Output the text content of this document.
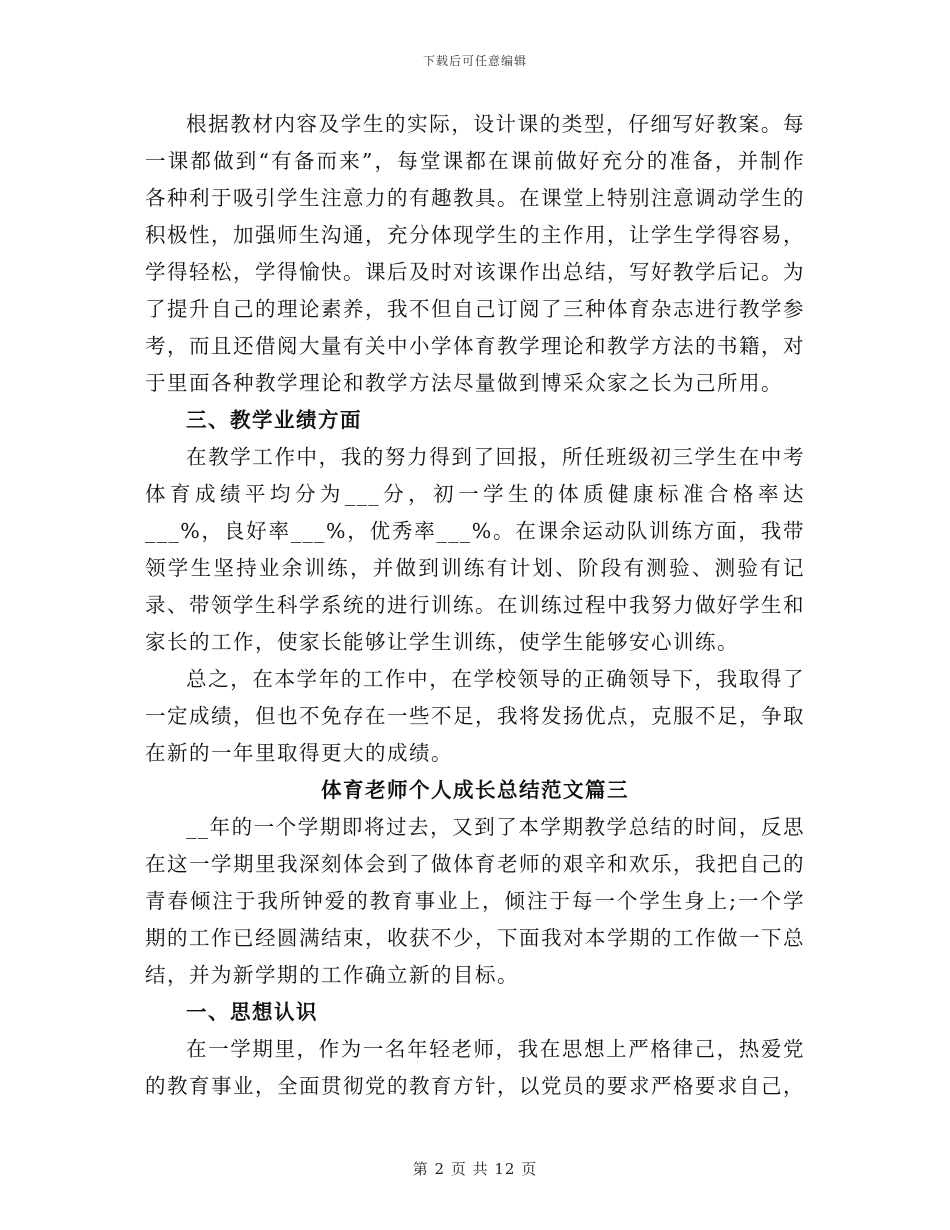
下载后可任意编辑

根据教材内容及学生的实际，设计课的类型，仔细写好教案。每一课都做到“有备而来”，每堂课都在课前做好充分的准备，并制作各种利于吸引学生注意力的有趣教具。在课堂上特别注意调动学生的积极性，加强师生沟通，充分体现学生的主作用，让学生学得容易，学得轻松，学得愉快。课后及时对该课作出总结，写好教学后记。为了提升自己的理论素养，我不但自己订阅了三种体育杂志进行教学参考，而且还借阅大量有关中小学体育教学理论和教学方法的书籍，对于里面各种教学理论和教学方法尽量做到博采众家之长为己所用。

三、教学业绩方面

在教学工作中，我的努力得到了回报，所任班级初三学生在中考体育成绩平均分为___分，初一学生的体质健康标准合格率达___%，良好率___%，优秀率___%。在课余运动队训练方面，我带领学生坚持业余训练，并做到训练有计划、阶段有测验、测验有记录、带领学生科学系统的进行训练。在训练过程中我努力做好学生和家长的工作，使家长能够让学生训练，使学生能够安心训练。

总之，在本学年的工作中，在学校领导的正确领导下，我取得了一定成绩，但也不免存在一些不足，我将发扬优点，克服不足，争取在新的一年里取得更大的成绩。

体育老师个人成长总结范文篇三

__年的一个学期即将过去，又到了本学期教学总结的时间，反思在这一学期里我深刻体会到了做体育老师的艰辛和欢乐，我把自己的青春倾注于我所钟爱的教育事业上，倾注于每一个学生身上;一个学期的工作已经圆满结束，收获不少，下面我对本学期的工作做一下总结，并为新学期的工作确立新的目标。

一、思想认识

在一学期里，作为一名年轻老师，我在思想上严格律己，热爱党的教育事业，全面贯彻党的教育方针，以党员的要求严格要求自己，

第 2 页 共 12 页
